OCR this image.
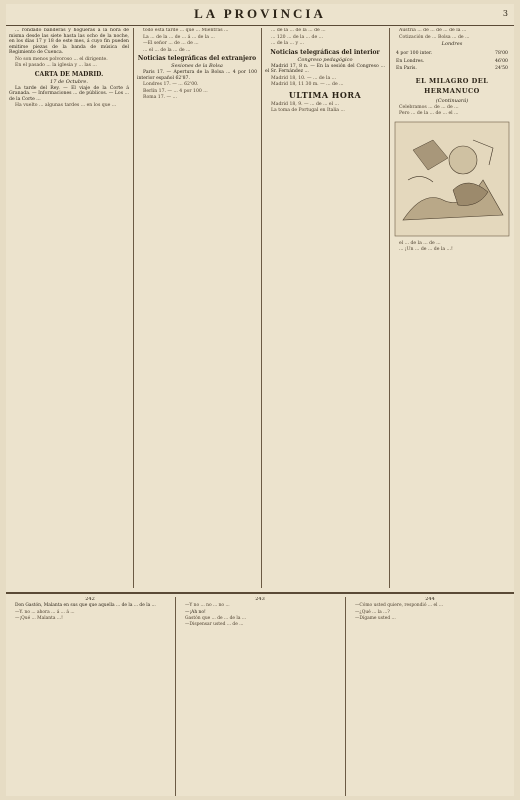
LA PROVINCIA	3

... rondado banderas y hogueras á la hora de misma desde las siete hasta las ocho de la noche, en los días 17 y 18 de este mes, á cuyo fin pueden emitirse piezas de la banda de música del Regimiento de Cuenca.

No son menos polvoroso ... el dirigente.

En el pasado ... la iglesia y ... las ...

CARTA DE MADRID.
17 de Octubre.

La tarde del Rey. — El viaje de la Corte á Granada. — Informaciones ... de públicos. — Los ... de la Corte ...

Ha vuelto ... algunas tardes ... en los que ...

todo esta tarde ... que ... Mientras ...

La ... de la ... de ... á ... de la ...

—El señor ... de ... de ...

... el ... de la ... de ...

Noticias telegráficas del extranjero
Sesiones de la Bolsa

Paris 17. — Apertura de la Bolsa ... 4 por 100 interior español 62'87.

Londres 17. — ... 62'00.

Berlín 17. — ... 4 por 100 ...

Roma 17. — ...

... de la ... de la ... de ...

... 120 ... de la ... de ...

... de la ... y ...

Noticias telegráficas del interior
Congreso pedagógico

Madrid 17, 8 n. — En la sesión del Congreso ... el Sr. Fernández ...

Madrid 18, 10. — ... de la ...

Madrid 18, 11 30 m. — ... de ...

ULTIMA HORA

Madrid 18, 9. — ... de ... el ...

La toma de Portugal en Italia ...

Austria ... de ... de ... de la ...

Cotización de ... Bolsa ... de ...

Londres
4 por 100 inter.	78'00
En Londres.	46'00
En París.	24'50
EL MILAGRO DEL HERMANUCO
(Continuará)

Celebramos ... de ... de ...

Pero ... de la ... de ... el ...

el ... de la ... de ...

... ¡Un ... de ... de la ...!

242

Don Gastón, Malanta en sus que que aquella ... de la ... de la ...

—Y. no ... ahora ... á ... á ...

—¡Qué ... Malanta ...!

243

—Y no ... no ... no ...

—¡Ah no!

Gastón que ... de ... de la ...

—Dispensar usted ... de ...

244

—Cómo usted quiere, respondió ... el ...

—¿Qué ... la ...?

—Dígame usted ...
